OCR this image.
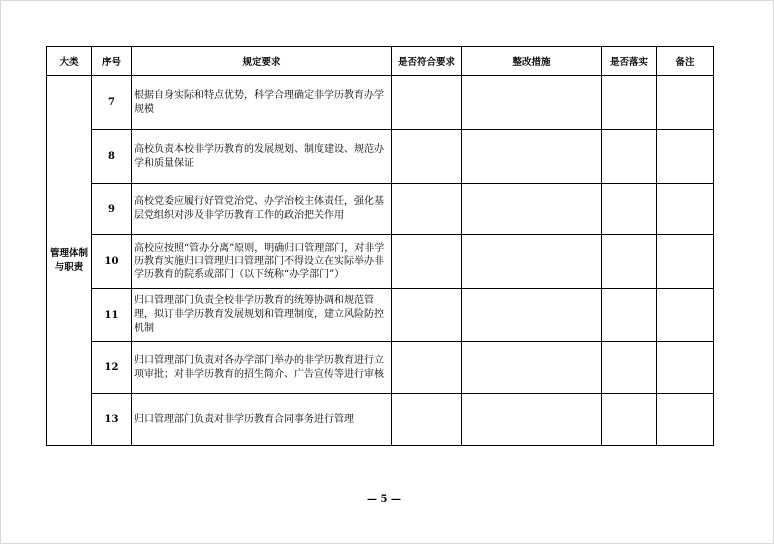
大类	序号	规定要求	是否符合要求	整改措施	是否落实	备注

管理体制与职责	7	根据自身实际和特点优势，科学合理确定非学历教育办学规模				
	8	高校负责本校非学历教育的发展规划、制度建设、规范办学和质量保证				
	9	高校党委应履行好管党治党、办学治校主体责任，强化基层党组织对涉及非学历教育工作的政治把关作用				
	10	高校应按照“管办分离”原则，明确归口管理部门，对非学历教育实施归口管理归口管理部门不得设立在实际举办非学历教育的院系或部门（以下统称“办学部门”）				
	11	归口管理部门负责全校非学历教育的统筹协调和规范管理，拟订非学历教育发展规划和管理制度，建立风险防控机制				
	12	归口管理部门负责对各办学部门举办的非学历教育进行立项审批；对非学历教育的招生简介、广告宣传等进行审核				
	13	归口管理部门负责对非学历教育合同事务进行管理				
— 5 —
